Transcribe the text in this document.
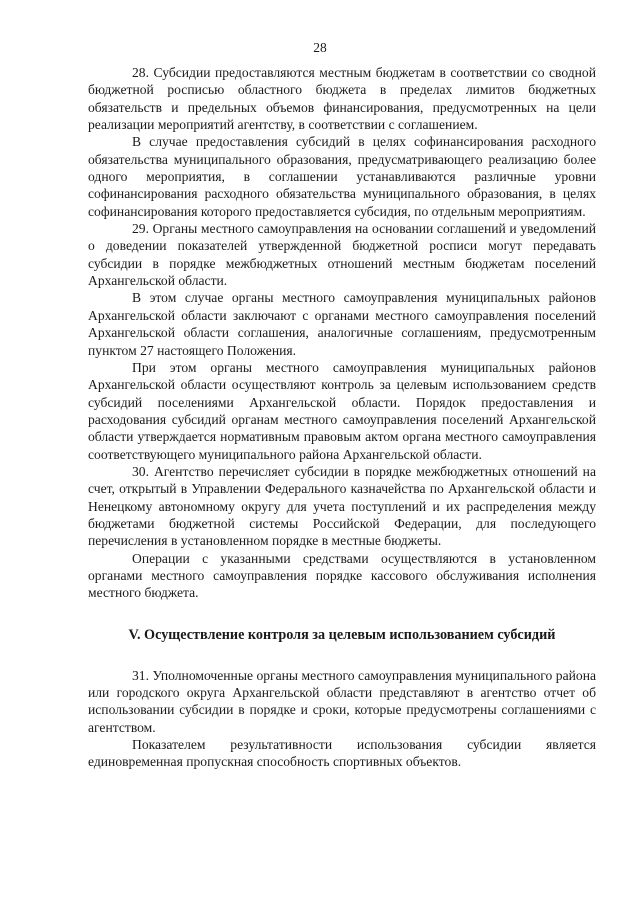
28

28. Субсидии предоставляются местным бюджетам в соответствии со сводной бюджетной росписью областного бюджета в пределах лимитов бюджетных обязательств и предельных объемов финансирования, предусмотренных на цели реализации мероприятий агентству, в соответствии с соглашением.

В случае предоставления субсидий в целях софинансирования расходного обязательства муниципального образования, предусматривающего реализацию более одного мероприятия, в соглашении устанавливаются различные уровни софинансирования расходного обязательства муниципального образования, в целях софинансирования которого предоставляется субсидия, по отдельным мероприятиям.

29. Органы местного самоуправления на основании соглашений и уведомлений о доведении показателей утвержденной бюджетной росписи могут передавать субсидии в порядке межбюджетных отношений местным бюджетам поселений Архангельской области.

В этом случае органы местного самоуправления муниципальных районов Архангельской области заключают с органами местного самоуправления поселений Архангельской области соглашения, аналогичные соглашениям, предусмотренным пунктом 27 настоящего Положения.

При этом органы местного самоуправления муниципальных районов Архангельской области осуществляют контроль за целевым использованием средств субсидий поселениями Архангельской области. Порядок предоставления и расходования субсидий органам местного самоуправления поселений Архангельской области утверждается нормативным правовым актом органа местного самоуправления соответствующего муниципального района Архангельской области.

30. Агентство перечисляет субсидии в порядке межбюджетных отношений на счет, открытый в Управлении Федерального казначейства по Архангельской области и Ненецкому автономному округу для учета поступлений и их распределения между бюджетами бюджетной системы Российской Федерации, для последующего перечисления в установленном порядке в местные бюджеты.

Операции с указанными средствами осуществляются в установленном органами местного самоуправления порядке кассового обслуживания исполнения местного бюджета.

V. Осуществление контроля за целевым использованием субсидий

31. Уполномоченные органы местного самоуправления муниципального района или городского округа Архангельской области представляют в агентство отчет об использовании субсидии в порядке и сроки, которые предусмотрены соглашениями с агентством.

Показателем результативности использования субсидии является единовременная пропускная способность спортивных объектов.
